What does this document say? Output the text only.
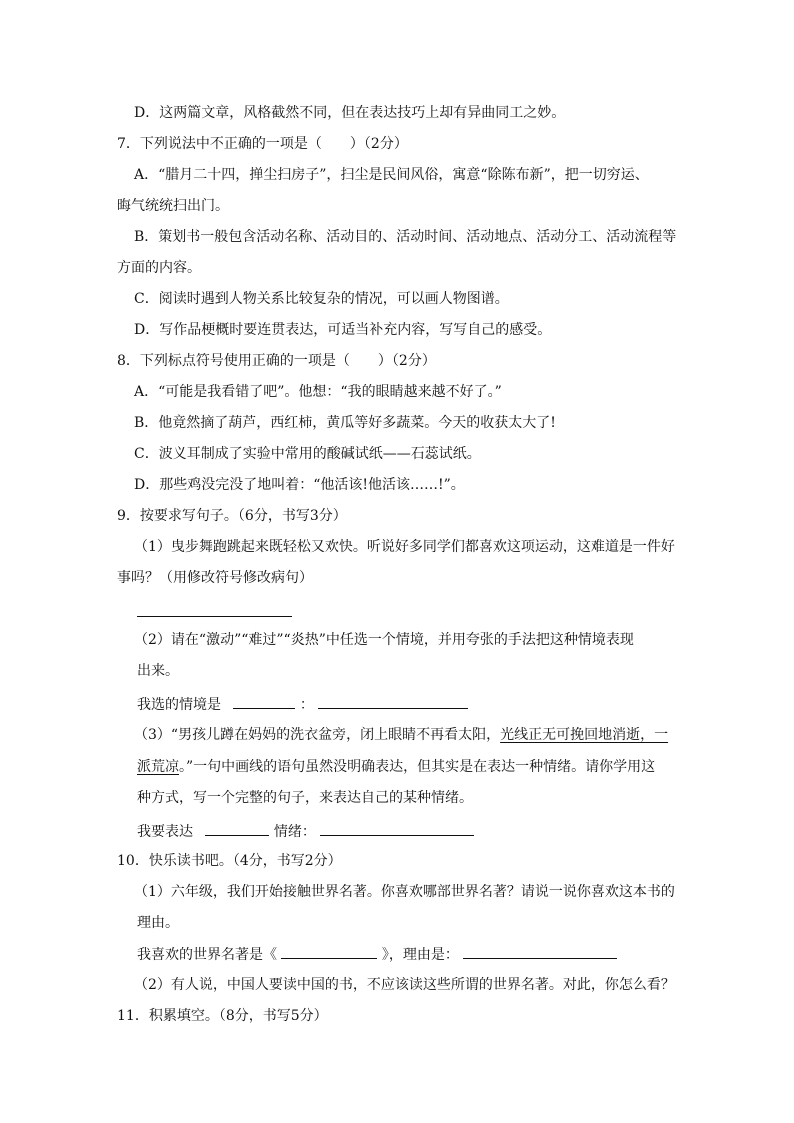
D．这两篇文章，风格截然不同，但在表达技巧上却有异曲同工之妙。
7．下列说法中不正确的一项是（　　）（2分）
A．“腊月二十四，掸尘扫房子”，扫尘是民间风俗，寓意“除陈布新”，把一切穷运、
晦气统统扫出门。
B．策划书一般包含活动名称、活动目的、活动时间、活动地点、活动分工、活动流程等
方面的内容。
C．阅读时遇到人物关系比较复杂的情况，可以画人物图谱。
D．写作品梗概时要连贯表达，可适当补充内容，写写自己的感受。
8．下列标点符号使用正确的一项是（　　）（2分）
A．“可能是我看错了吧”。他想：“我的眼睛越来越不好了。”
B．他竟然摘了葫芦，西红柿，黄瓜等好多蔬菜。今天的收获太大了!
C．波义耳制成了实验中常用的酸碱试纸——石蕊试纸。
D．那些鸡没完没了地叫着：“他活该!他活该……!”。
9．按要求写句子。（6分，书写3分）
（1）曳步舞跑跳起来既轻松又欢快。听说好多同学们都喜欢这项运动，这难道是一件好
事吗？（用修改符号修改病句）
（2）请在“激动”“难过”“炎热”中任选一个情境，并用夸张的手法把这种情境表现
出来。
我选的情境是	：
（3）“男孩儿蹲在妈妈的洗衣盆旁，闭上眼睛不再看太阳，光线正无可挽回地消逝，一
派荒凉。”一句中画线的语句虽然没明确表达，但其实是在表达一种情绪。请你学用这
种方式，写一个完整的句子，来表达自己的某种情绪。
我要表达	情绪：
10．快乐读书吧。（4分，书写2分）
（1）六年级，我们开始接触世界名著。你喜欢哪部世界名著？请说一说你喜欢这本书的
理由。
我喜欢的世界名著是《	》，理由是：
（2）有人说，中国人要读中国的书，不应该读这些所谓的世界名著。对此，你怎么看？
11．积累填空。（8分，书写5分）
